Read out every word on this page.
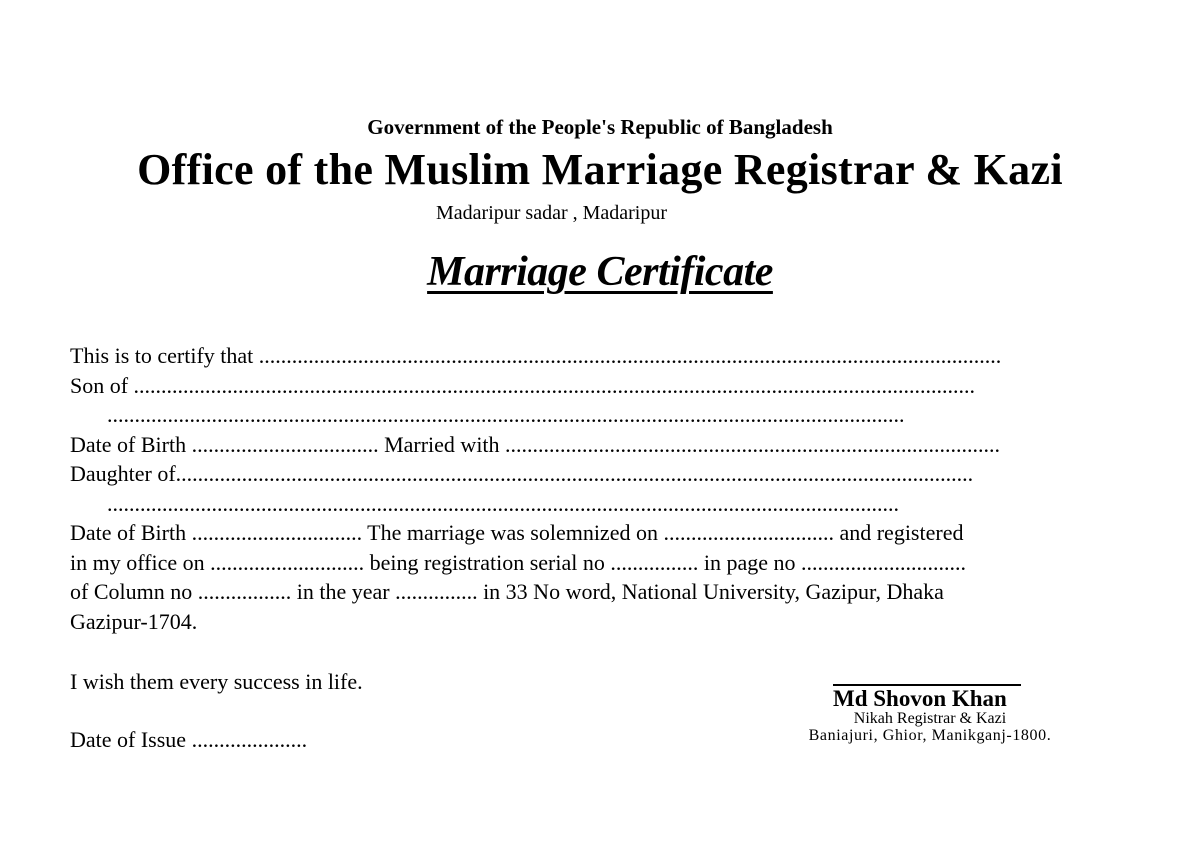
Government of the People's Republic of Bangladesh
Office of the Muslim Marriage Registrar & Kazi
Madaripur sadar , Madaripur
Marriage Certificate
This is to certify that .......................................................................................................................................
Son of .........................................................................................................................................................
.................................................................................................................................................
Date of Birth .................................. Married with ..........................................................................................
Daughter of.................................................................................................................................................
................................................................................................................................................
Date of Birth ............................... The marriage was solemnized on ............................... and registered
in my office on ............................ being registration serial no ................ in page no ..............................
of Column no ................. in the year ............... in 33 No word, National University, Gazipur, Dhaka
Gazipur-1704.
I wish them every success in life.
Date of Issue .....................
Md Shovon Khan
Nikah Registrar & Kazi
Baniajuri, Ghior, Manikganj-1800.
